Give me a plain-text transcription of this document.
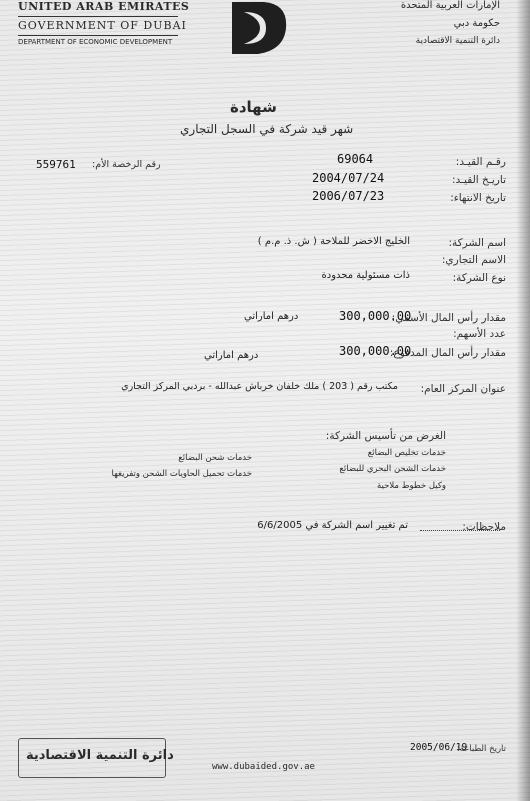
UNITED ARAB EMIRATES
GOVERNMENT OF DUBAI
DEPARTMENT OF ECONOMIC DEVELOPMENT
الإمارات العربية المتحدة
حكومة دبي
دائرة التنمية الاقتصادية
شهادة
شهر قيد شركة في السجل التجاري
رقـم القيـد:
69064
تاريـخ القيـد:
2004/07/24
تاريخ الانتهاء:
2006/07/23
559761 رقم الرخصة الأم:
اسم الشركة:
الخليج الاخضر للملاحة ( ش. ذ. م.م )
الاسم التجاري:
نوع الشركة:
ذات مسئولية محدودة
مقدار رأس المال الأسمي:
300,000.00
درهم اماراتي
عدد الأسهم:
مقدار رأس المال المدفوع:
300,000.00
درهم اماراتي
عنوان المركز العام:
مكتب رقم ( 203 ) ملك خلفان خرباش عبدالله - بردبي المركز التجاري
الغرض من تأسيس الشركة:
خدمات تخليص البضائع
خدمات الشحن البحري للبضائع
وكيل خطوط ملاحية
خدمات شحن البضائع
خدمات تحميل الحاويات الشحن وتفريغها
ملاحظات:
تم تغيير اسم الشركة في 6/6/2005
تاريخ الطباعة:
2005/06/19
دائرة التنمية الاقتصادية
www.dubaided.gov.ae
